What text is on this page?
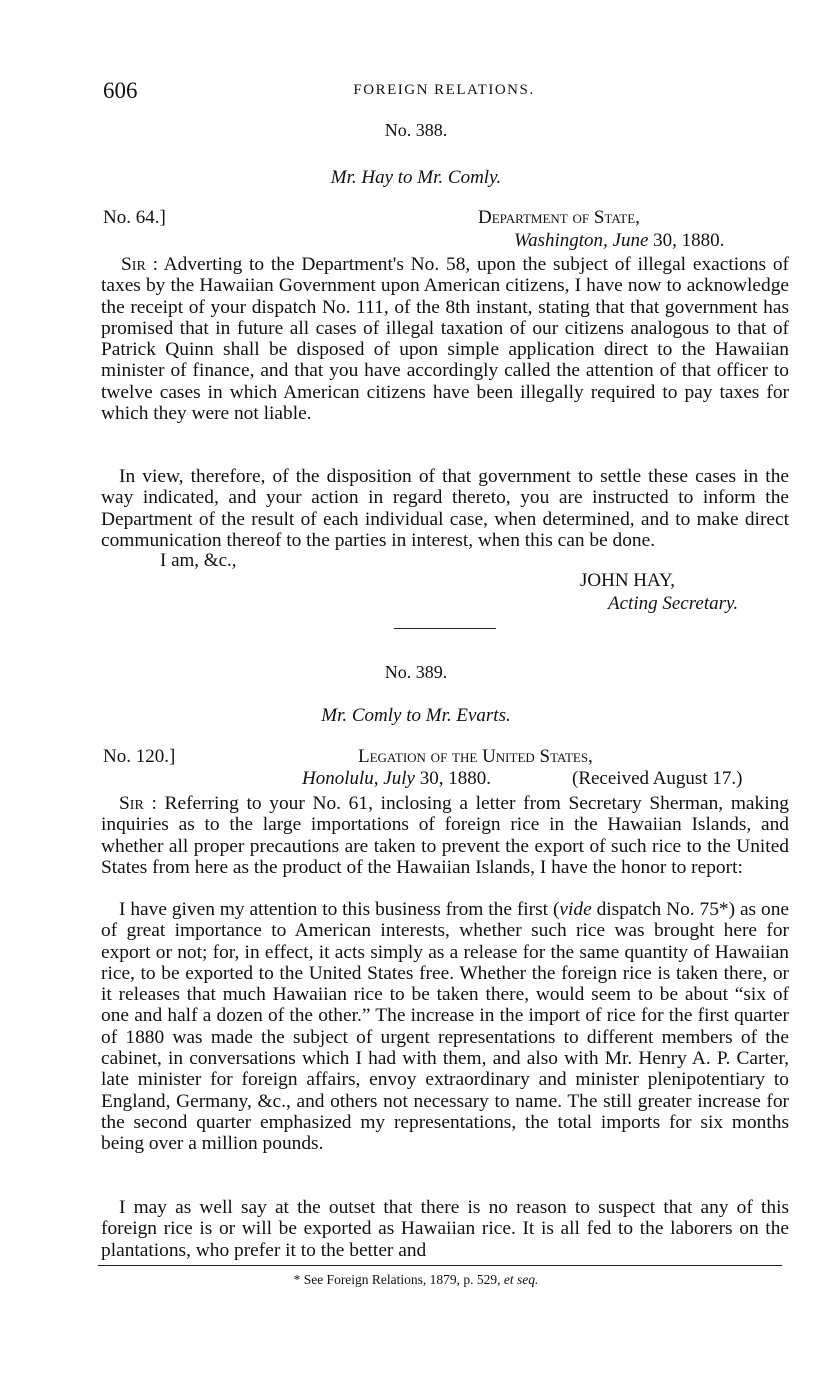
606	FOREIGN RELATIONS.
No. 388.
Mr. Hay to Mr. Comly.
No. 64.]	Department of State,
Washington, June 30, 1880.

Sir : Adverting to the Department's No. 58, upon the subject of illegal exactions of taxes by the Hawaiian Government upon American citizens, I have now to acknowledge the receipt of your dispatch No. 111, of the 8th instant, stating that that government has promised that in future all cases of illegal taxation of our citizens analogous to that of Patrick Quinn shall be disposed of upon simple application direct to the Hawaiian minister of finance, and that you have accordingly called the attention of that officer to twelve cases in which American citizens have been illegally required to pay taxes for which they were not liable.

In view, therefore, of the disposition of that government to settle these cases in the way indicated, and your action in regard thereto, you are instructed to inform the Department of the result of each individual case, when determined, and to make direct communication thereof to the parties in interest, when this can be done.

I am, &c.,
JOHN HAY,
Acting Secretary.
No. 389.
Mr. Comly to Mr. Evarts.
No. 120.]	Legation of the United States,
Honolulu, July 30, 1880.	(Received August 17.)

Sir : Referring to your No. 61, inclosing a letter from Secretary Sherman, making inquiries as to the large importations of foreign rice in the Hawaiian Islands, and whether all proper precautions are taken to prevent the export of such rice to the United States from here as the product of the Hawaiian Islands, I have the honor to report:

I have given my attention to this business from the first (vide dispatch No. 75*) as one of great importance to American interests, whether such rice was brought here for export or not; for, in effect, it acts simply as a release for the same quantity of Hawaiian rice, to be exported to the United States free. Whether the foreign rice is taken there, or it releases that much Hawaiian rice to be taken there, would seem to be about “six of one and half a dozen of the other.” The increase in the import of rice for the first quarter of 1880 was made the subject of urgent representations to different members of the cabinet, in conversations which I had with them, and also with Mr. Henry A. P. Carter, late minister for foreign affairs, envoy extraordinary and minister plenipotentiary to England, Germany, &c., and others not necessary to name. The still greater increase for the second quarter emphasized my representations, the total imports for six months being over a million pounds.

I may as well say at the outset that there is no reason to suspect that any of this foreign rice is or will be exported as Hawaiian rice. It is all fed to the laborers on the plantations, who prefer it to the better and

* See Foreign Relations, 1879, p. 529, et seq.
